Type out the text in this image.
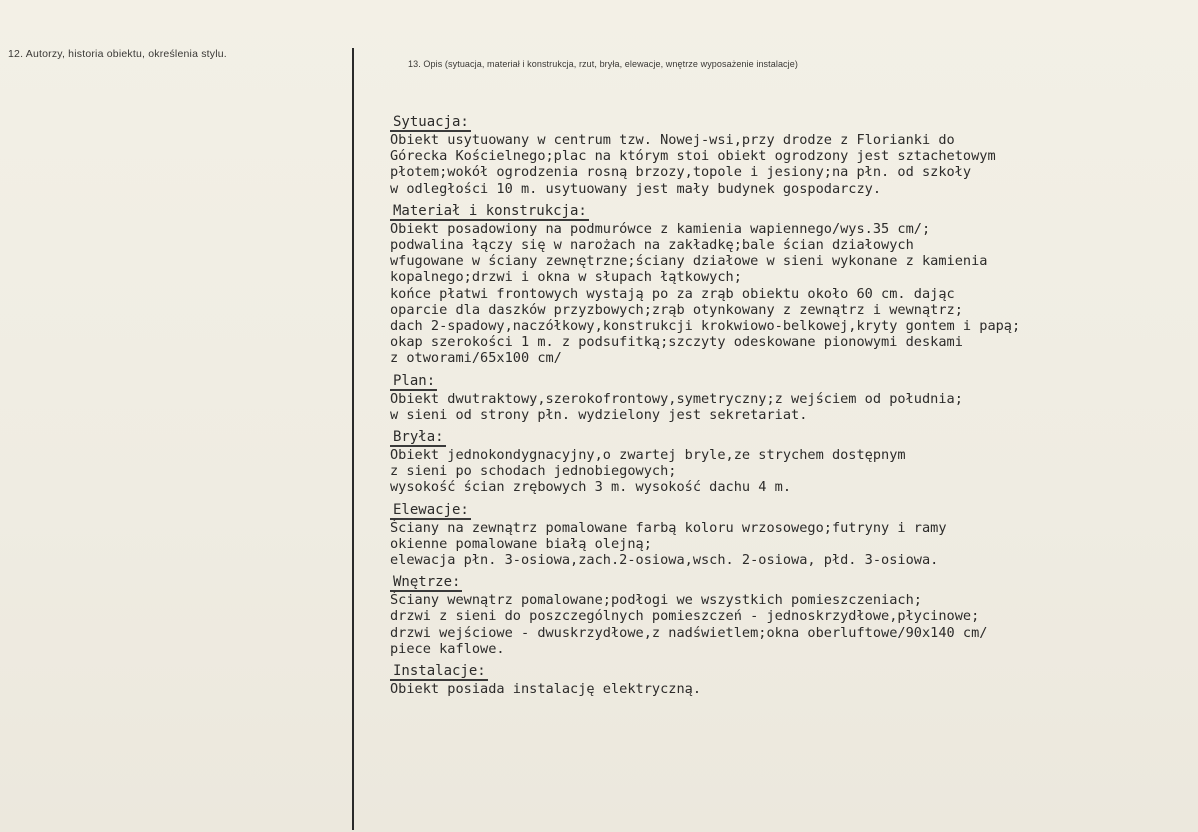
12. Autorzy, historia obiektu, określenia stylu.
13. Opis (sytuacja, materiał i konstrukcja, rzut, bryła, elewacje, wnętrze wyposażenie instalacje)
Sytuacja:
Obiekt usytuowany w centrum tzw. Nowej-wsi,przy drodze z Florianki do
Górecka Kościelnego;plac na którym stoi obiekt ogrodzony jest sztachetowym
płotem;wokół ogrodzenia rosną brzozy,topole i jesiony;na płn. od szkoły
w odległości 10 m. usytuowany jest mały budynek gospodarczy.
Materiał i konstrukcja:
Obiekt posadowiony na podmurówce z kamienia wapiennego/wys.35 cm/;
podwalina łączy się w narożach na zakładkę;bale ścian działowych
wfugowane w ściany zewnętrzne;ściany działowe w sieni wykonane z kamienia
kopalnego;drzwi i okna w słupach łątkowych;
końce płatwi frontowych wystają po za zrąb obiektu około 60 cm. dając
oparcie dla daszków przyzbowych;zrąb otynkowany z zewnątrz i wewnątrz;
dach 2-spadowy,naczółkowy,konstrukcji krokwiowo-belkowej,kryty gontem i papą;
okap szerokości 1 m. z podsufitką;szczyty odeskowane pionowymi deskami
z otworami/65x100 cm/
Plan:
Obiekt dwutraktowy,szerokofrontowy,symetryczny;z wejściem od południa;
w sieni od strony płn. wydzielony jest sekretariat.
Bryła:
Obiekt jednokondygnacyjny,o zwartej bryle,ze strychem dostępnym
z sieni po schodach jednobiegowych;
wysokość ścian zrębowych 3 m. wysokość dachu 4 m.
Elewacje:
Ściany na zewnątrz pomalowane farbą koloru wrzosowego;futryny i ramy
okienne pomalowane białą olejną;
elewacja płn. 3-osiowa,zach.2-osiowa,wsch. 2-osiowa, płd. 3-osiowa.
Wnętrze:
Ściany wewnątrz pomalowane;podłogi we wszystkich pomieszczeniach;
drzwi z sieni do poszczególnych pomieszczeń - jednoskrzydłowe,płycinowe;
drzwi wejściowe - dwuskrzydłowe,z nadświetlem;okna oberluftowe/90x140 cm/
piece kaflowe.
Instalacje:
Obiekt posiada instalację elektryczną.
